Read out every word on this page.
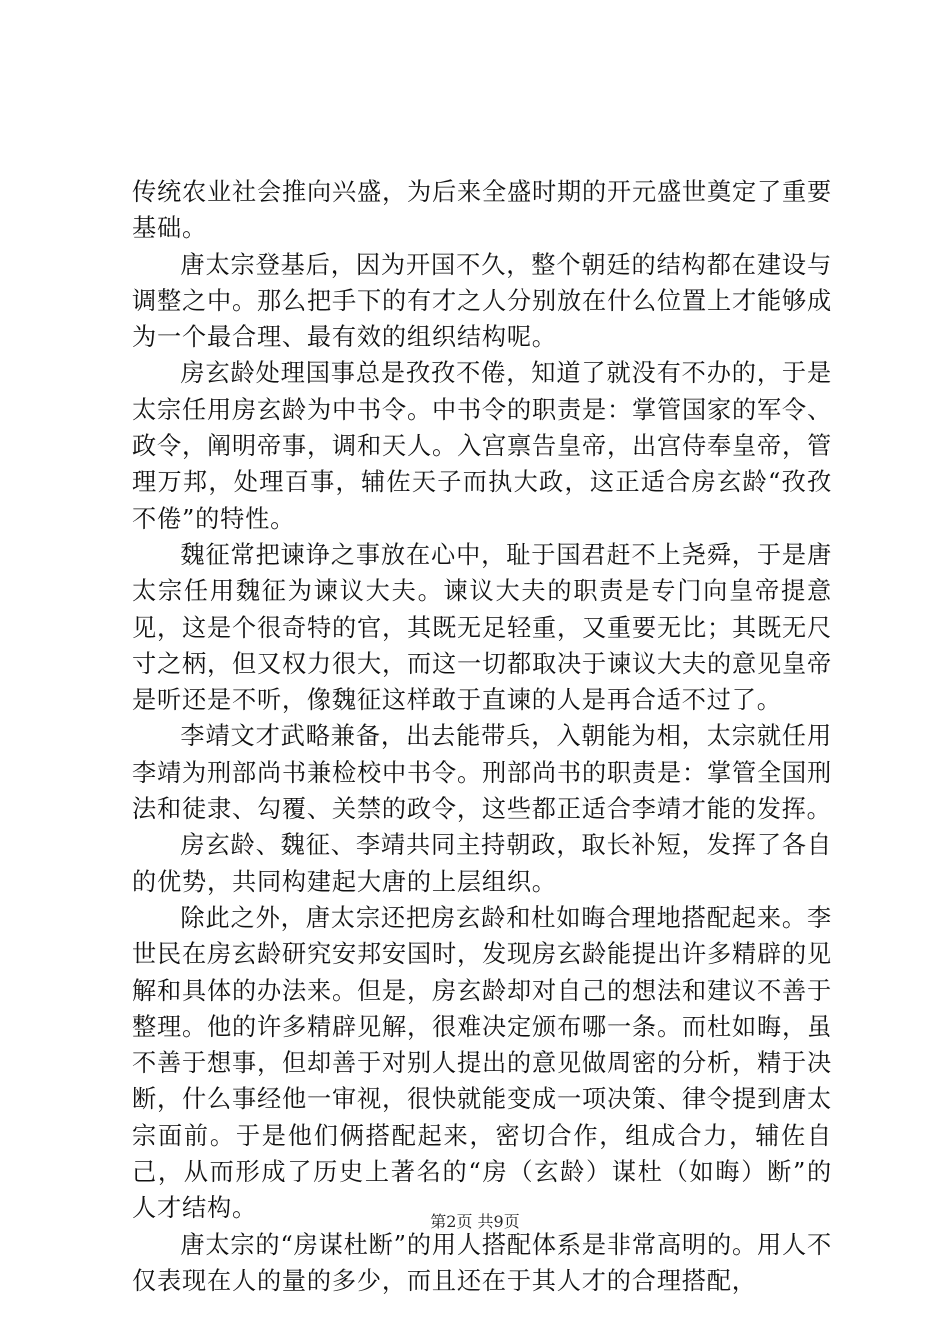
传统农业社会推向兴盛，为后来全盛时期的开元盛世奠定了重要基础。

唐太宗登基后，因为开国不久，整个朝廷的结构都在建设与调整之中。那么把手下的有才之人分别放在什么位置上才能够成为一个最合理、最有效的组织结构呢。

房玄龄处理国事总是孜孜不倦，知道了就没有不办的，于是太宗任用房玄龄为中书令。中书令的职责是：掌管国家的军令、政令，阐明帝事，调和天人。入宫禀告皇帝，出宫侍奉皇帝，管理万邦，处理百事，辅佐天子而执大政，这正适合房玄龄“孜孜不倦”的特性。

魏征常把谏诤之事放在心中，耻于国君赶不上尧舜，于是唐太宗任用魏征为谏议大夫。谏议大夫的职责是专门向皇帝提意见，这是个很奇特的官，其既无足轻重，又重要无比；其既无尺寸之柄，但又权力很大，而这一切都取决于谏议大夫的意见皇帝是听还是不听，像魏征这样敢于直谏的人是再合适不过了。

李靖文才武略兼备，出去能带兵，入朝能为相，太宗就任用李靖为刑部尚书兼检校中书令。刑部尚书的职责是：掌管全国刑法和徒隶、勾覆、关禁的政令，这些都正适合李靖才能的发挥。

房玄龄、魏征、李靖共同主持朝政，取长补短，发挥了各自的优势，共同构建起大唐的上层组织。

除此之外，唐太宗还把房玄龄和杜如晦合理地搭配起来。李世民在房玄龄研究安邦安国时，发现房玄龄能提出许多精辟的见解和具体的办法来。但是，房玄龄却对自己的想法和建议不善于整理。他的许多精辟见解，很难决定颁布哪一条。而杜如晦，虽不善于想事，但却善于对别人提出的意见做周密的分析，精于决断，什么事经他一审视，很快就能变成一项决策、律令提到唐太宗面前。于是他们俩搭配起来，密切合作，组成合力，辅佐自己，从而形成了历史上著名的“房（玄龄）谋杜（如晦）断”的人才结构。

唐太宗的“房谋杜断”的用人搭配体系是非常高明的。用人不仅表现在人的量的多少，而且还在于其人才的合理搭配，

第2页 共9页
